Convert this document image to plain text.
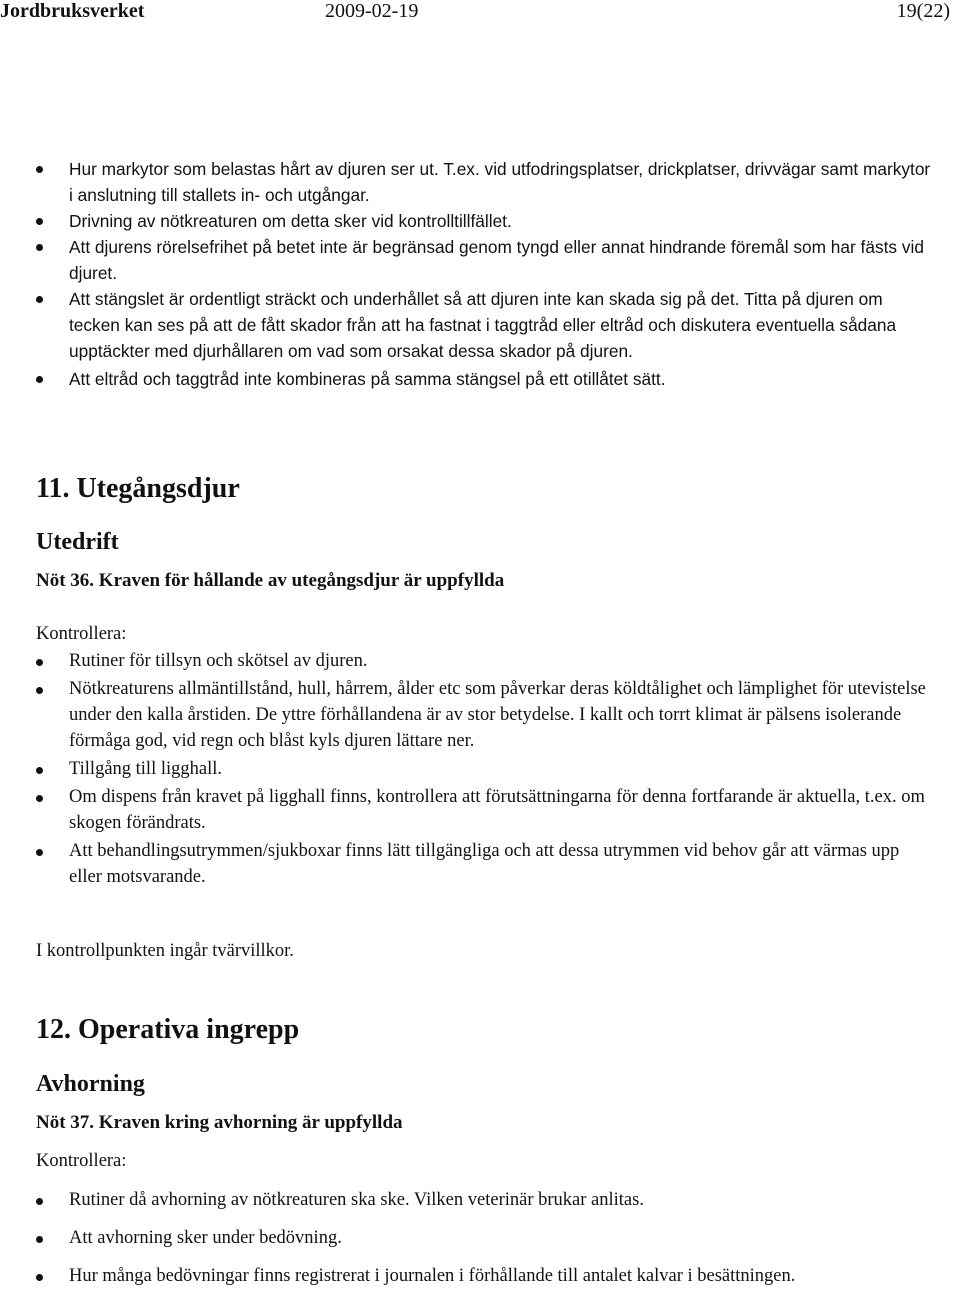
Jordbruksverket	2009-02-19	19(22)
Hur markytor som belastas hårt av djuren ser ut. T.ex. vid utfodringsplatser, drickplatser, drivvägar samt markytor i anslutning till stallets in- och utgångar.
Drivning av nötkreaturen om detta sker vid kontrolltillfället.
Att djurens rörelsefrihet på betet inte är begränsad genom tyngd eller annat hindrande föremål som har fästs vid djuret.
Att stängslet är ordentligt sträckt och underhållet så att djuren inte kan skada sig på det. Titta på djuren om tecken kan ses på att de fått skador från att ha fastnat i taggtråd eller eltråd och diskutera eventuella sådana upptäckter med djurhållaren om vad som orsakat dessa skador på djuren.
Att eltråd och taggtråd inte kombineras på samma stängsel på ett otillåtet sätt.
11. Utegångsdjur
Utedrift

Nöt 36. Kraven för hållande av utegångsdjur är uppfyllda

Kontrollera:

Rutiner för tillsyn och skötsel av djuren.
Nötkreaturens allmäntillstånd, hull, hårrem, ålder etc som påverkar deras köldtålighet och lämplighet för utevistelse under den kalla årstiden. De yttre förhållandena är av stor betydelse. I kallt och torrt klimat är pälsens isolerande förmåga god, vid regn och blåst kyls djuren lättare ner.
Tillgång till ligghall.
Om dispens från kravet på ligghall finns, kontrollera att förutsättningarna för denna fortfarande är aktuella, t.ex. om skogen förändrats.
Att behandlingsutrymmen/sjukboxar finns lätt tillgängliga och att dessa utrymmen vid behov går att värmas upp eller motsvarande.

I kontrollpunkten ingår tvärvillkor.

12. Operativa ingrepp
Avhorning

Nöt 37. Kraven kring avhorning är uppfyllda

Kontrollera:

Rutiner då avhorning av nötkreaturen ska ske. Vilken veterinär brukar anlitas.
Att avhorning sker under bedövning.
Hur många bedövningar finns registrerat i journalen i förhållande till antalet kalvar i besättningen.
